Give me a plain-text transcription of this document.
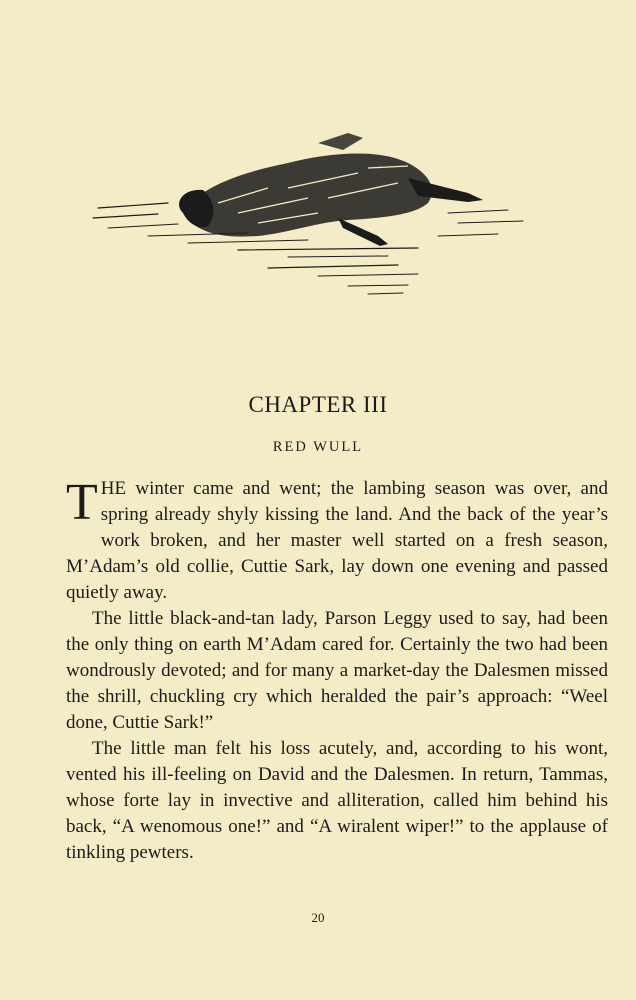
CHAPTER III
RED WULL

THE winter came and went; the lambing season was over, and spring already shyly kissing the land. And the back of the year’s work broken, and her master well started on a fresh season, M’Adam’s old collie, Cuttie Sark, lay down one evening and passed quietly away.

The little black-and-tan lady, Parson Leggy used to say, had been the only thing on earth M’Adam cared for. Certainly the two had been wondrously devoted; and for many a market-day the Dalesmen missed the shrill, chuckling cry which heralded the pair’s approach: “Weel done, Cuttie Sark!”

The little man felt his loss acutely, and, according to his wont, vented his ill-feeling on David and the Dalesmen. In return, Tammas, whose forte lay in invective and alliteration, called him behind his back, “A wenomous one!” and “A wiralent wiper!” to the applause of tinkling pewters.

20
